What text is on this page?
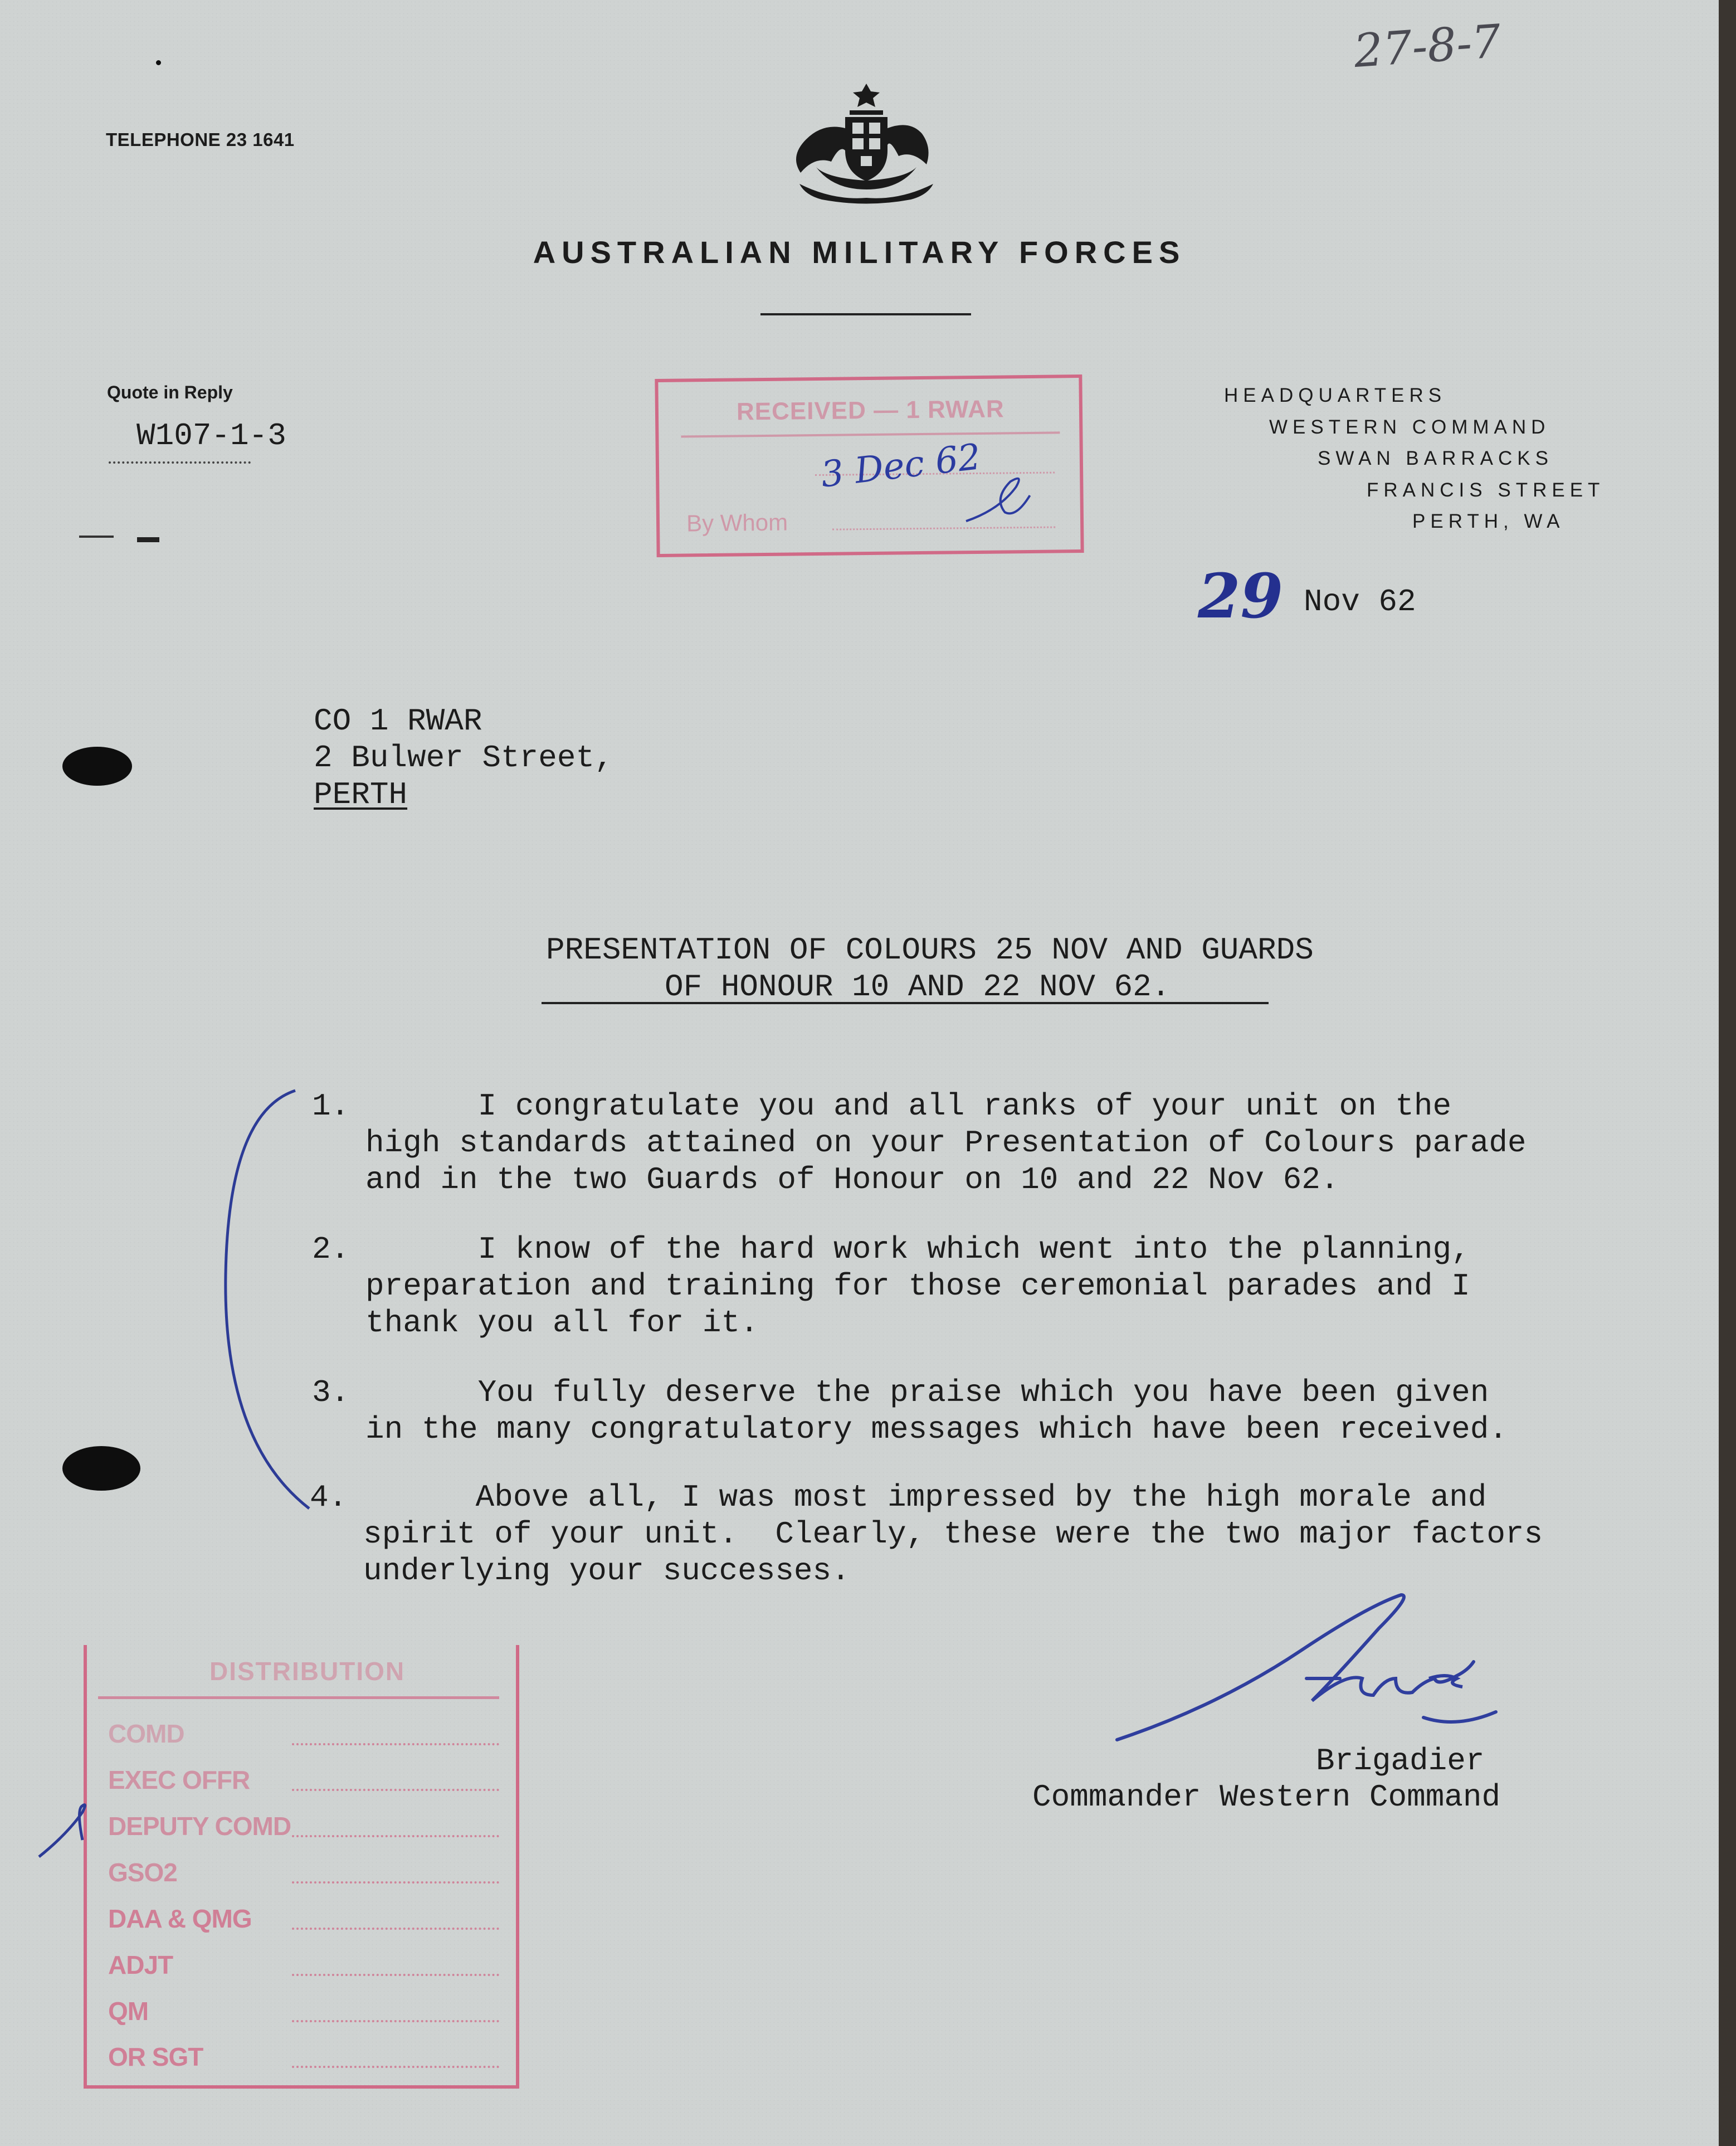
TELEPHONE 23 1641
AUSTRALIAN MILITARY FORCES
27-8-7
Quote in Reply
W107-1-3
RECEIVED — 1 RWAR
3 Dec 62
By Whom
HEADQUARTERS
WESTERN COMMAND
SWAN BARRACKS
FRANCIS STREET
PERTH, WA
29 Nov 62
CO 1 RWAR
2 Bulwer Street,
PERTH
PRESENTATION OF COLOURS 25 NOV AND GUARDS
OF HONOUR 10 AND 22 NOV 62.
1. I congratulate you and all ranks of your unit on the
high standards attained on your Presentation of Colours parade
and in the two Guards of Honour on 10 and 22 Nov 62.
2. I know of the hard work which went into the planning,
preparation and training for those ceremonial parades and I
thank you all for it.
3. You fully deserve the praise which you have been given
in the many congratulatory messages which have been received.
4. Above all, I was most impressed by the high morale and
spirit of your unit.  Clearly, these were the two major factors
underlying your successes.
Brigadier
Commander Western Command
DISTRIBUTION
COMD
EXEC OFFR
DEPUTY COMD
GSO2
DAA & QMG
ADJT
QM
OR SGT
